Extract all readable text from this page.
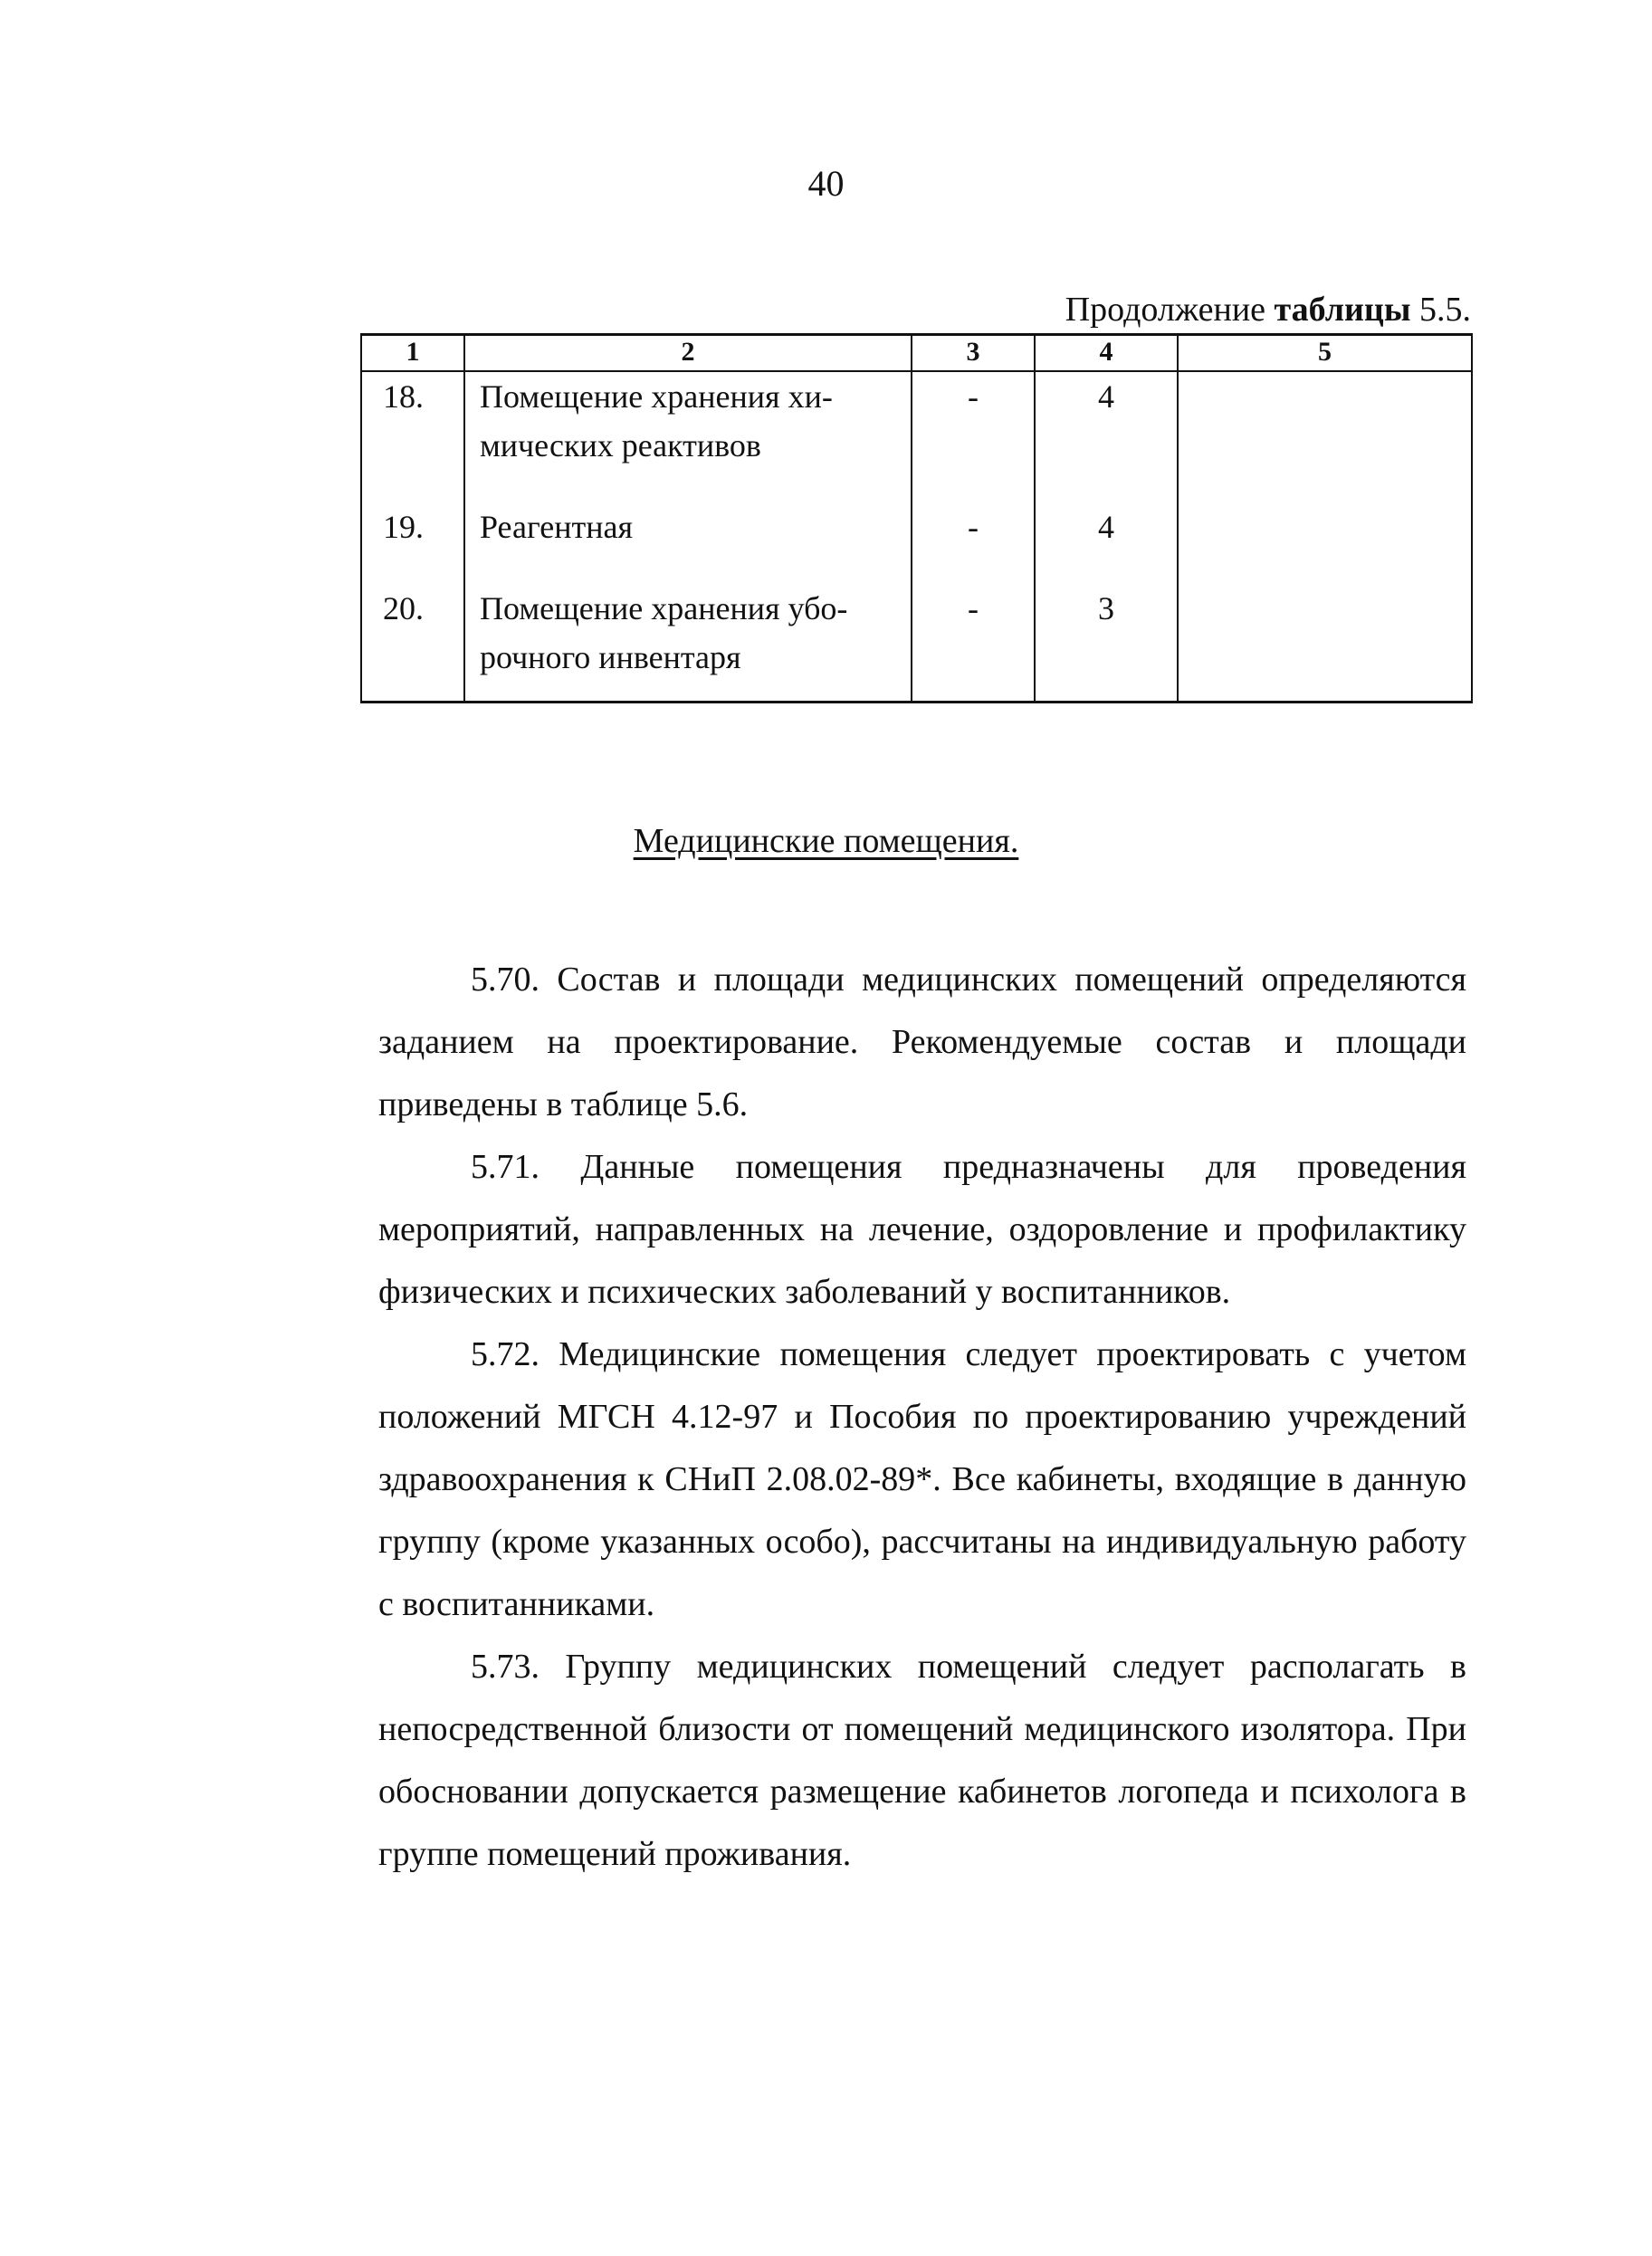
40
Продолжение таблицы 5.5.
1	2	3	4	5
18.	Помещение хранения хи- мических реактивов	-	4	
19.	Реагентная	-	4	
20.	Помещение хранения убо- рочного инвентаря	-	3	
Медицинские помещения.

5.70. Состав и площади медицинских помещений определяются заданием на проектирование. Рекомендуемые состав и площади приведены в таблице 5.6.

5.71. Данные помещения предназначены для проведения мероприятий, направленных на лечение, оздоровление и профилактику физических и психических заболеваний у воспитанников.

5.72. Медицинские помещения следует проектировать с учетом положений МГСН 4.12-97 и Пособия по проектированию учреждений здравоохранения к СНиП 2.08.02-89*. Все кабинеты, входящие в данную группу (кроме указанных особо), рассчитаны на индивидуальную работу с воспитанниками.

5.73. Группу медицинских помещений следует располагать в непосредственной близости от помещений медицинского изолятора. При обосновании допускается размещение кабинетов логопеда и психолога в группе помещений проживания.
